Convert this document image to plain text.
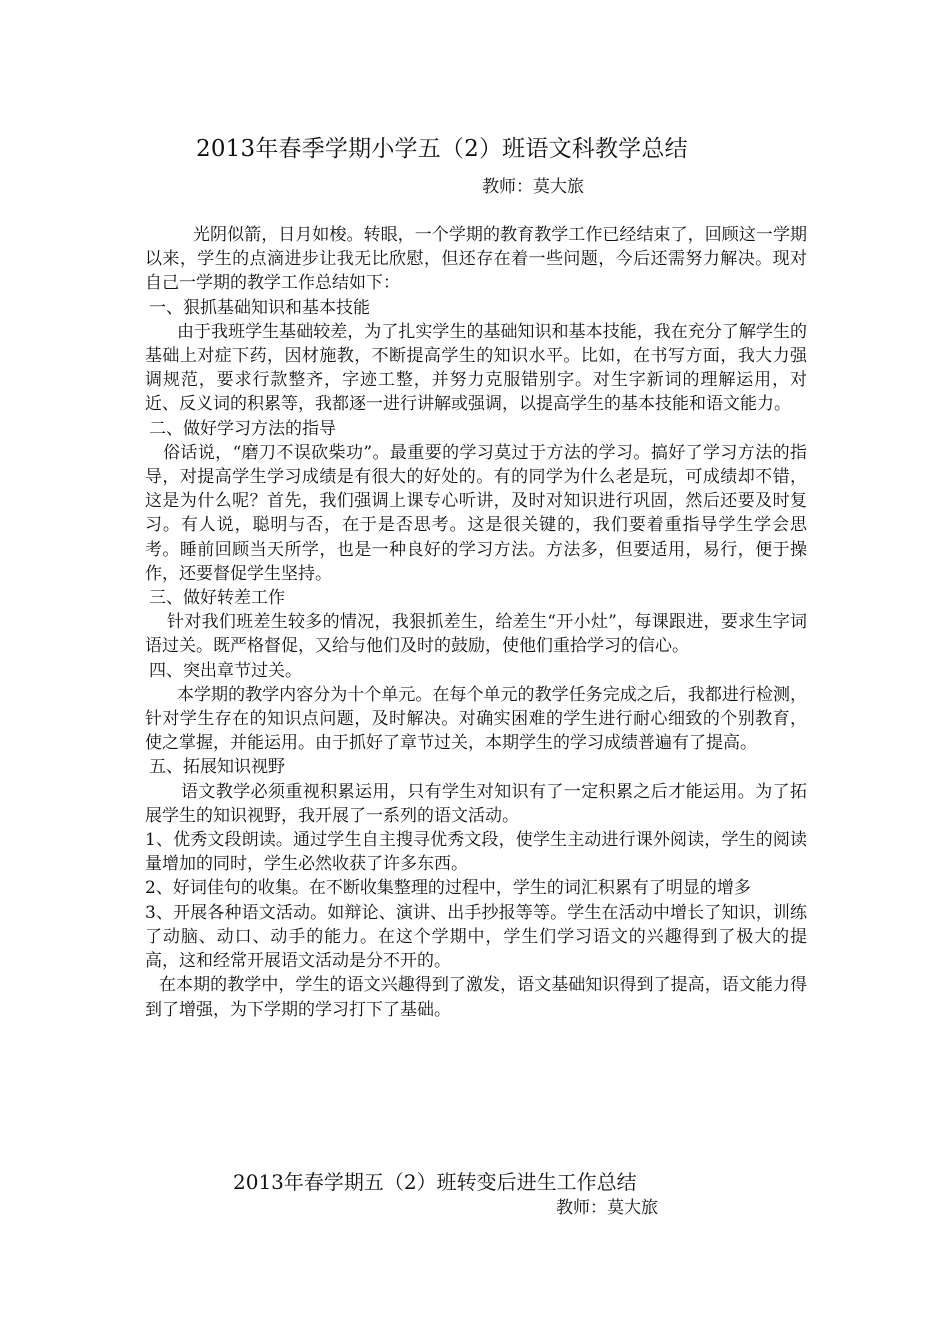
2013年春季学期小学五（2）班语文科教学总结
教师：莫大旅

光阴似箭，日月如梭。转眼，一个学期的教育教学工作已经结束了，回顾这一学期以来，学生的点滴进步让我无比欣慰，但还存在着一些问题，今后还需努力解决。现对自己一学期的教学工作总结如下：

一、狠抓基础知识和基本技能

由于我班学生基础较差，为了扎实学生的基础知识和基本技能，我在充分了解学生的基础上对症下药，因材施教，不断提高学生的知识水平。比如，在书写方面，我大力强调规范，要求行款整齐，字迹工整，并努力克服错别字。对生字新词的理解运用，对近、反义词的积累等，我都逐一进行讲解或强调，以提高学生的基本技能和语文能力。

二、做好学习方法的指导

俗话说，“磨刀不误砍柴功”。最重要的学习莫过于方法的学习。搞好了学习方法的指导，对提高学生学习成绩是有很大的好处的。有的同学为什么老是玩，可成绩却不错，这是为什么呢？首先，我们强调上课专心听讲，及时对知识进行巩固，然后还要及时复习。有人说，聪明与否，在于是否思考。这是很关键的，我们要着重指导学生学会思考。睡前回顾当天所学，也是一种良好的学习方法。方法多，但要适用，易行，便于操作，还要督促学生坚持。

三、做好转差工作

针对我们班差生较多的情况，我狠抓差生，给差生“开小灶”，每课跟进，要求生字词语过关。既严格督促，又给与他们及时的鼓励，使他们重拾学习的信心。

四、突出章节过关。

本学期的教学内容分为十个单元。在每个单元的教学任务完成之后，我都进行检测，针对学生存在的知识点问题，及时解决。对确实困难的学生进行耐心细致的个别教育，使之掌握，并能运用。由于抓好了章节过关，本期学生的学习成绩普遍有了提高。

五、拓展知识视野

语文教学必须重视积累运用，只有学生对知识有了一定积累之后才能运用。为了拓展学生的知识视野，我开展了一系列的语文活动。

1、优秀文段朗读。通过学生自主搜寻优秀文段，使学生主动进行课外阅读，学生的阅读量增加的同时，学生必然收获了许多东西。

2、好词佳句的收集。在不断收集整理的过程中，学生的词汇积累有了明显的增多

3、开展各种语文活动。如辩论、演讲、出手抄报等等。学生在活动中增长了知识，训练了动脑、动口、动手的能力。在这个学期中，学生们学习语文的兴趣得到了极大的提高，这和经常开展语文活动是分不开的。

在本期的教学中，学生的语文兴趣得到了激发，语文基础知识得到了提高，语文能力得到了增强，为下学期的学习打下了基础。

2013年春学期五（2）班转变后进生工作总结
教师：莫大旅
